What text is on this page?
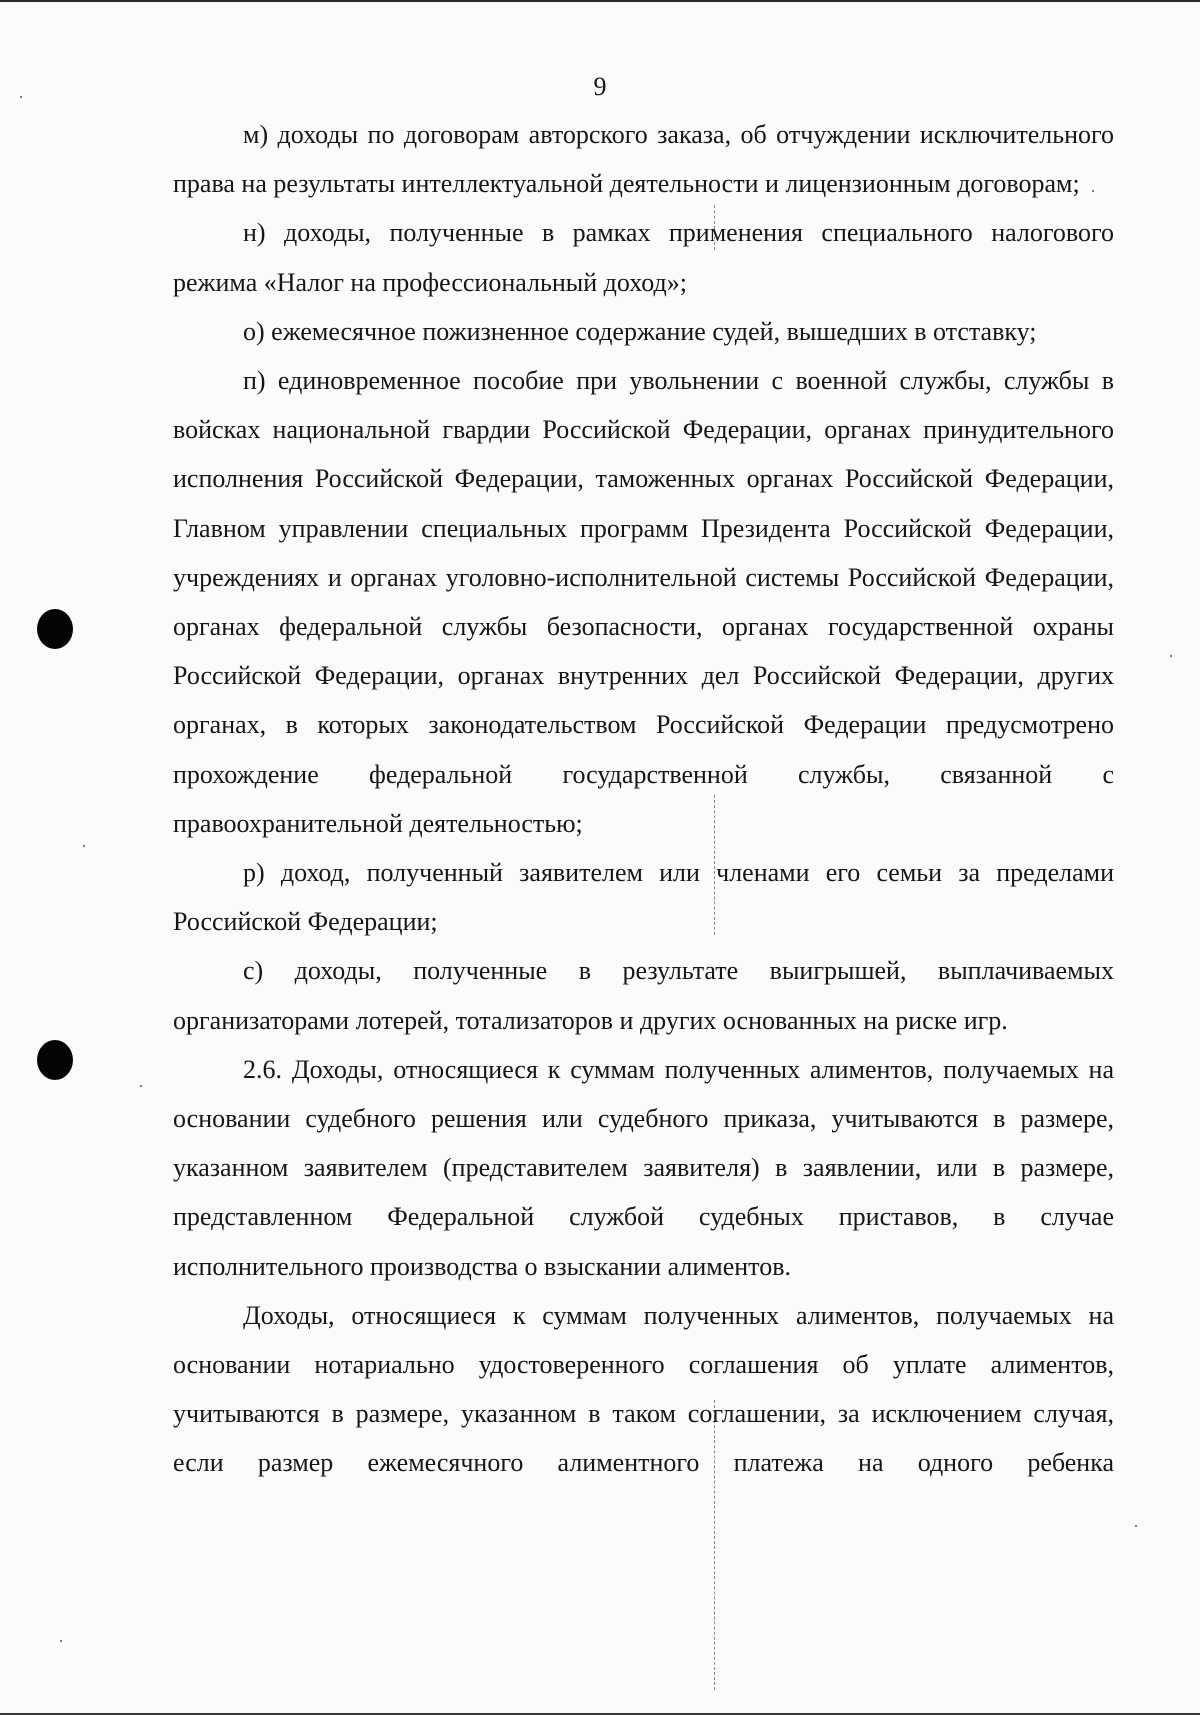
9

м) доходы по договорам авторского заказа, об отчуждении исключительного права на результаты интеллектуальной деятельности и лицензионным договорам;

н) доходы, полученные в рамках применения специального налогового режима «Налог на профессиональный доход»;

о) ежемесячное пожизненное содержание судей, вышедших в отставку;

п) единовременное пособие при увольнении с военной службы, службы в войсках национальной гвардии Российской Федерации, органах принудительного исполнения Российской Федерации, таможенных органах Российской Федерации, Главном управлении специальных программ Президента Российской Федерации, учреждениях и органах уголовно-исполнительной системы Российской Федерации, органах федеральной службы безопасности, органах государственной охраны Российской Федерации, органах внутренних дел Российской Федерации, других органах, в которых законодательством Российской Федерации предусмотрено прохождение федеральной государственной службы, связанной с правоохранительной деятельностью;

р) доход, полученный заявителем или членами его семьи за пределами Российской Федерации;

с) доходы, полученные в результате выигрышей, выплачиваемых организаторами лотерей, тотализаторов и других основанных на риске игр.

2.6. Доходы, относящиеся к суммам полученных алиментов, получаемых на основании судебного решения или судебного приказа, учитываются в размере, указанном заявителем (представителем заявителя) в заявлении, или в размере, представленном Федеральной службой судебных приставов, в случае исполнительного производства о взыскании алиментов.

Доходы, относящиеся к суммам полученных алиментов, получаемых на основании нотариально удостоверенного соглашения об уплате алиментов, учитываются в размере, указанном в таком соглашении, за исключением случая, если размер ежемесячного алиментного платежа на одного ребенка
